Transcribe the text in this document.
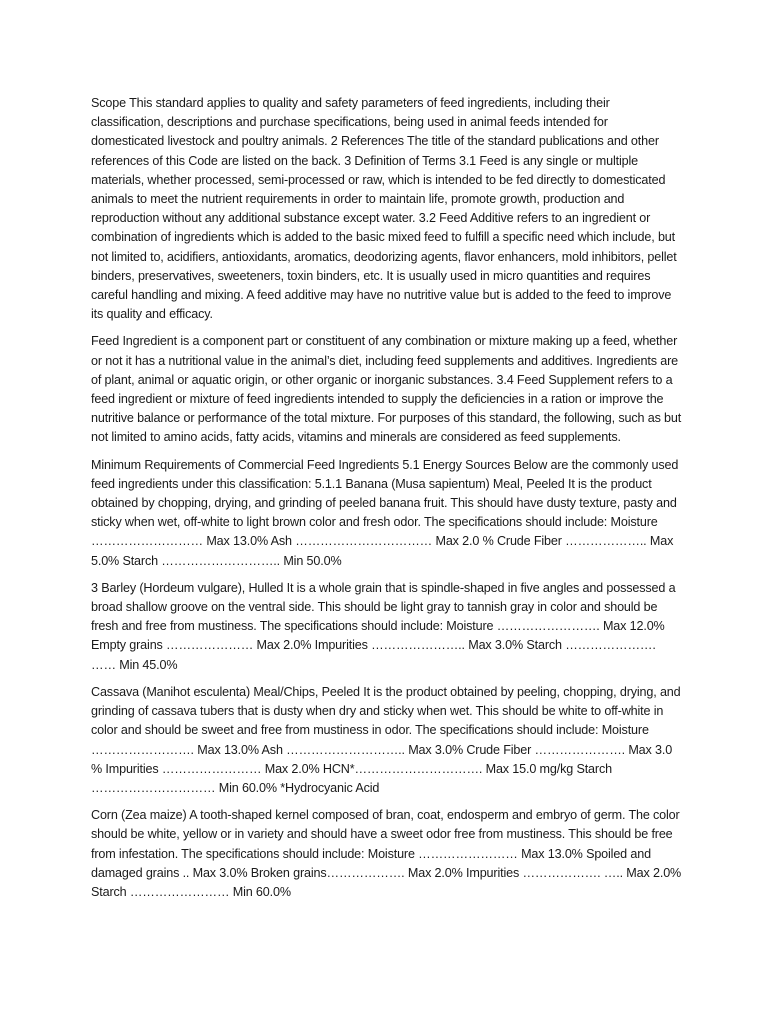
Scope This standard applies to quality and safety parameters of feed ingredients, including their classification, descriptions and purchase specifications, being used in animal feeds intended for domesticated livestock and poultry animals. 2 References The title of the standard publications and other references of this Code are listed on the back. 3 Definition of Terms 3.1 Feed is any single or multiple materials, whether processed, semi-processed or raw, which is intended to be fed directly to domesticated animals to meet the nutrient requirements in order to maintain life, promote growth, production and reproduction without any additional substance except water. 3.2 Feed Additive refers to an ingredient or combination of ingredients which is added to the basic mixed feed to fulfill a specific need which include, but not limited to, acidifiers, antioxidants, aromatics, deodorizing agents, flavor enhancers, mold inhibitors, pellet binders, preservatives, sweeteners, toxin binders, etc. It is usually used in micro quantities and requires careful handling and mixing. A feed additive may have no nutritive value but is added to the feed to improve its quality and efficacy.

Feed Ingredient is a component part or constituent of any combination or mixture making up a feed, whether or not it has a nutritional value in the animal’s diet, including feed supplements and additives. Ingredients are of plant, animal or aquatic origin, or other organic or inorganic substances. 3.4 Feed Supplement refers to a feed ingredient or mixture of feed ingredients intended to supply the deficiencies in a ration or improve the nutritive balance or performance of the total mixture. For purposes of this standard, the following, such as but not limited to amino acids, fatty acids, vitamins and minerals are considered as feed supplements.

Minimum Requirements of Commercial Feed Ingredients 5.1 Energy Sources Below are the commonly used feed ingredients under this classification: 5.1.1 Banana (Musa sapientum) Meal, Peeled It is the product obtained by chopping, drying, and grinding of peeled banana fruit. This should have dusty texture, pasty and sticky when wet, off-white to light brown color and fresh odor. The specifications should include: Moisture ……………………… Max 13.0% Ash …………………………… Max 2.0 % Crude Fiber ……………….. Max 5.0% Starch ……………………….. Min 50.0%

3 Barley (Hordeum vulgare), Hulled It is a whole grain that is spindle-shaped in five angles and possessed a broad shallow groove on the ventral side. This should be light gray to tannish gray in color and should be fresh and free from mustiness. The specifications should include: Moisture ……………………. Max 12.0% Empty grains ………………… Max 2.0% Impurities ………………….. Max 3.0% Starch …………………. …… Min 45.0%

Cassava (Manihot esculenta) Meal/Chips, Peeled It is the product obtained by peeling, chopping, drying, and grinding of cassava tubers that is dusty when dry and sticky when wet. This should be white to off-white in color and should be sweet and free from mustiness in odor. The specifications should include: Moisture ……………………. Max 13.0% Ash ……………………….. Max 3.0% Crude Fiber …………………. Max 3.0 % Impurities …………………… Max 2.0% HCN*…………………………. Max 15.0 mg/kg Starch ………………………… Min 60.0% *Hydrocyanic Acid

Corn (Zea maize) A tooth-shaped kernel composed of bran, coat, endosperm and embryo of germ. The color should be white, yellow or in variety and should have a sweet odor free from mustiness. This should be free from infestation. The specifications should include: Moisture …………………… Max 13.0% Spoiled and damaged grains .. Max 3.0% Broken grains………………. Max 2.0% Impurities ………………. ….. Max 2.0% Starch …………………… Min 60.0%
